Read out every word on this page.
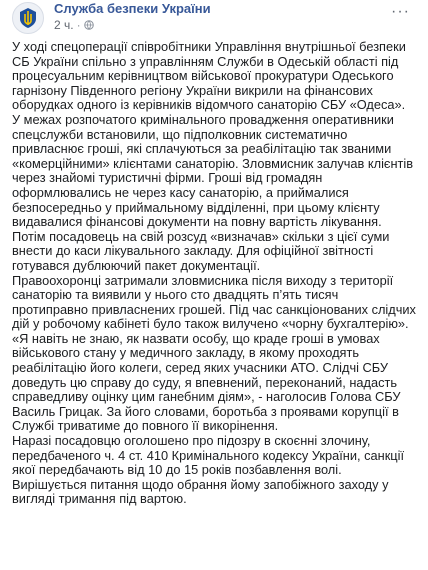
Служба безпеки України
2 ч. ·
···

У ході спецоперації співробітники Управління внутрішньої безпеки СБ України спільно з управлінням Служби в Одеській області під процесуальним керівництвом військової прокуратури Одеського гарнізону Південного регіону України викрили на фінансових оборудках одного із керівників відомчого санаторію СБУ «Одеса».

У межах розпочатого кримінального провадження оперативники спецслужби встановили, що підполковник систематично привласнює гроші, які сплачуються за реабілітацію так званими «комерційними» клієнтами санаторію. Зловмисник залучав клієнтів через знайомі туристичні фірми. Гроші від громадян оформлювались не через касу санаторію, а приймалися безпосередньо у приймальному відділенні, при цьому клієнту видавалися фінансові документи на повну вартість лікування. Потім посадовець на свій розсуд «визначав» скільки з цієї суми внести до каси лікувального закладу. Для офіційної звітності готувався дублюючий пакет документації.

Правоохоронці затримали зловмисника після виходу з території санаторію та виявили у нього сто двадцять п’ять тисяч протиправно привласнених грошей. Під час санкціонованих слідчих дій у робочому кабінеті було також вилучено «чорну бухгалтерію».

«Я навіть не знаю, як назвати особу, що краде гроші в умовах військового стану у медичного закладу, в якому проходять реабілітацію його колеги, серед яких учасники АТО. Слідчі СБУ доведуть цю справу до суду, я впевнений, переконаний, надасть справедливу оцінку цим ганебним діям», - наголосив Голова СБУ Василь Грицак. За його словами, боротьба з проявами корупції в Службі триватиме до повного її викорінення.

Наразі посадовцю оголошено про підозру в скоєнні злочину, передбаченого ч. 4 ст. 410 Кримінального кодексу України, санкції якої передбачають від 10 до 15 років позбавлення волі. Вирішується питання щодо обрання йому запобіжного заходу у вигляді тримання під вартою.
